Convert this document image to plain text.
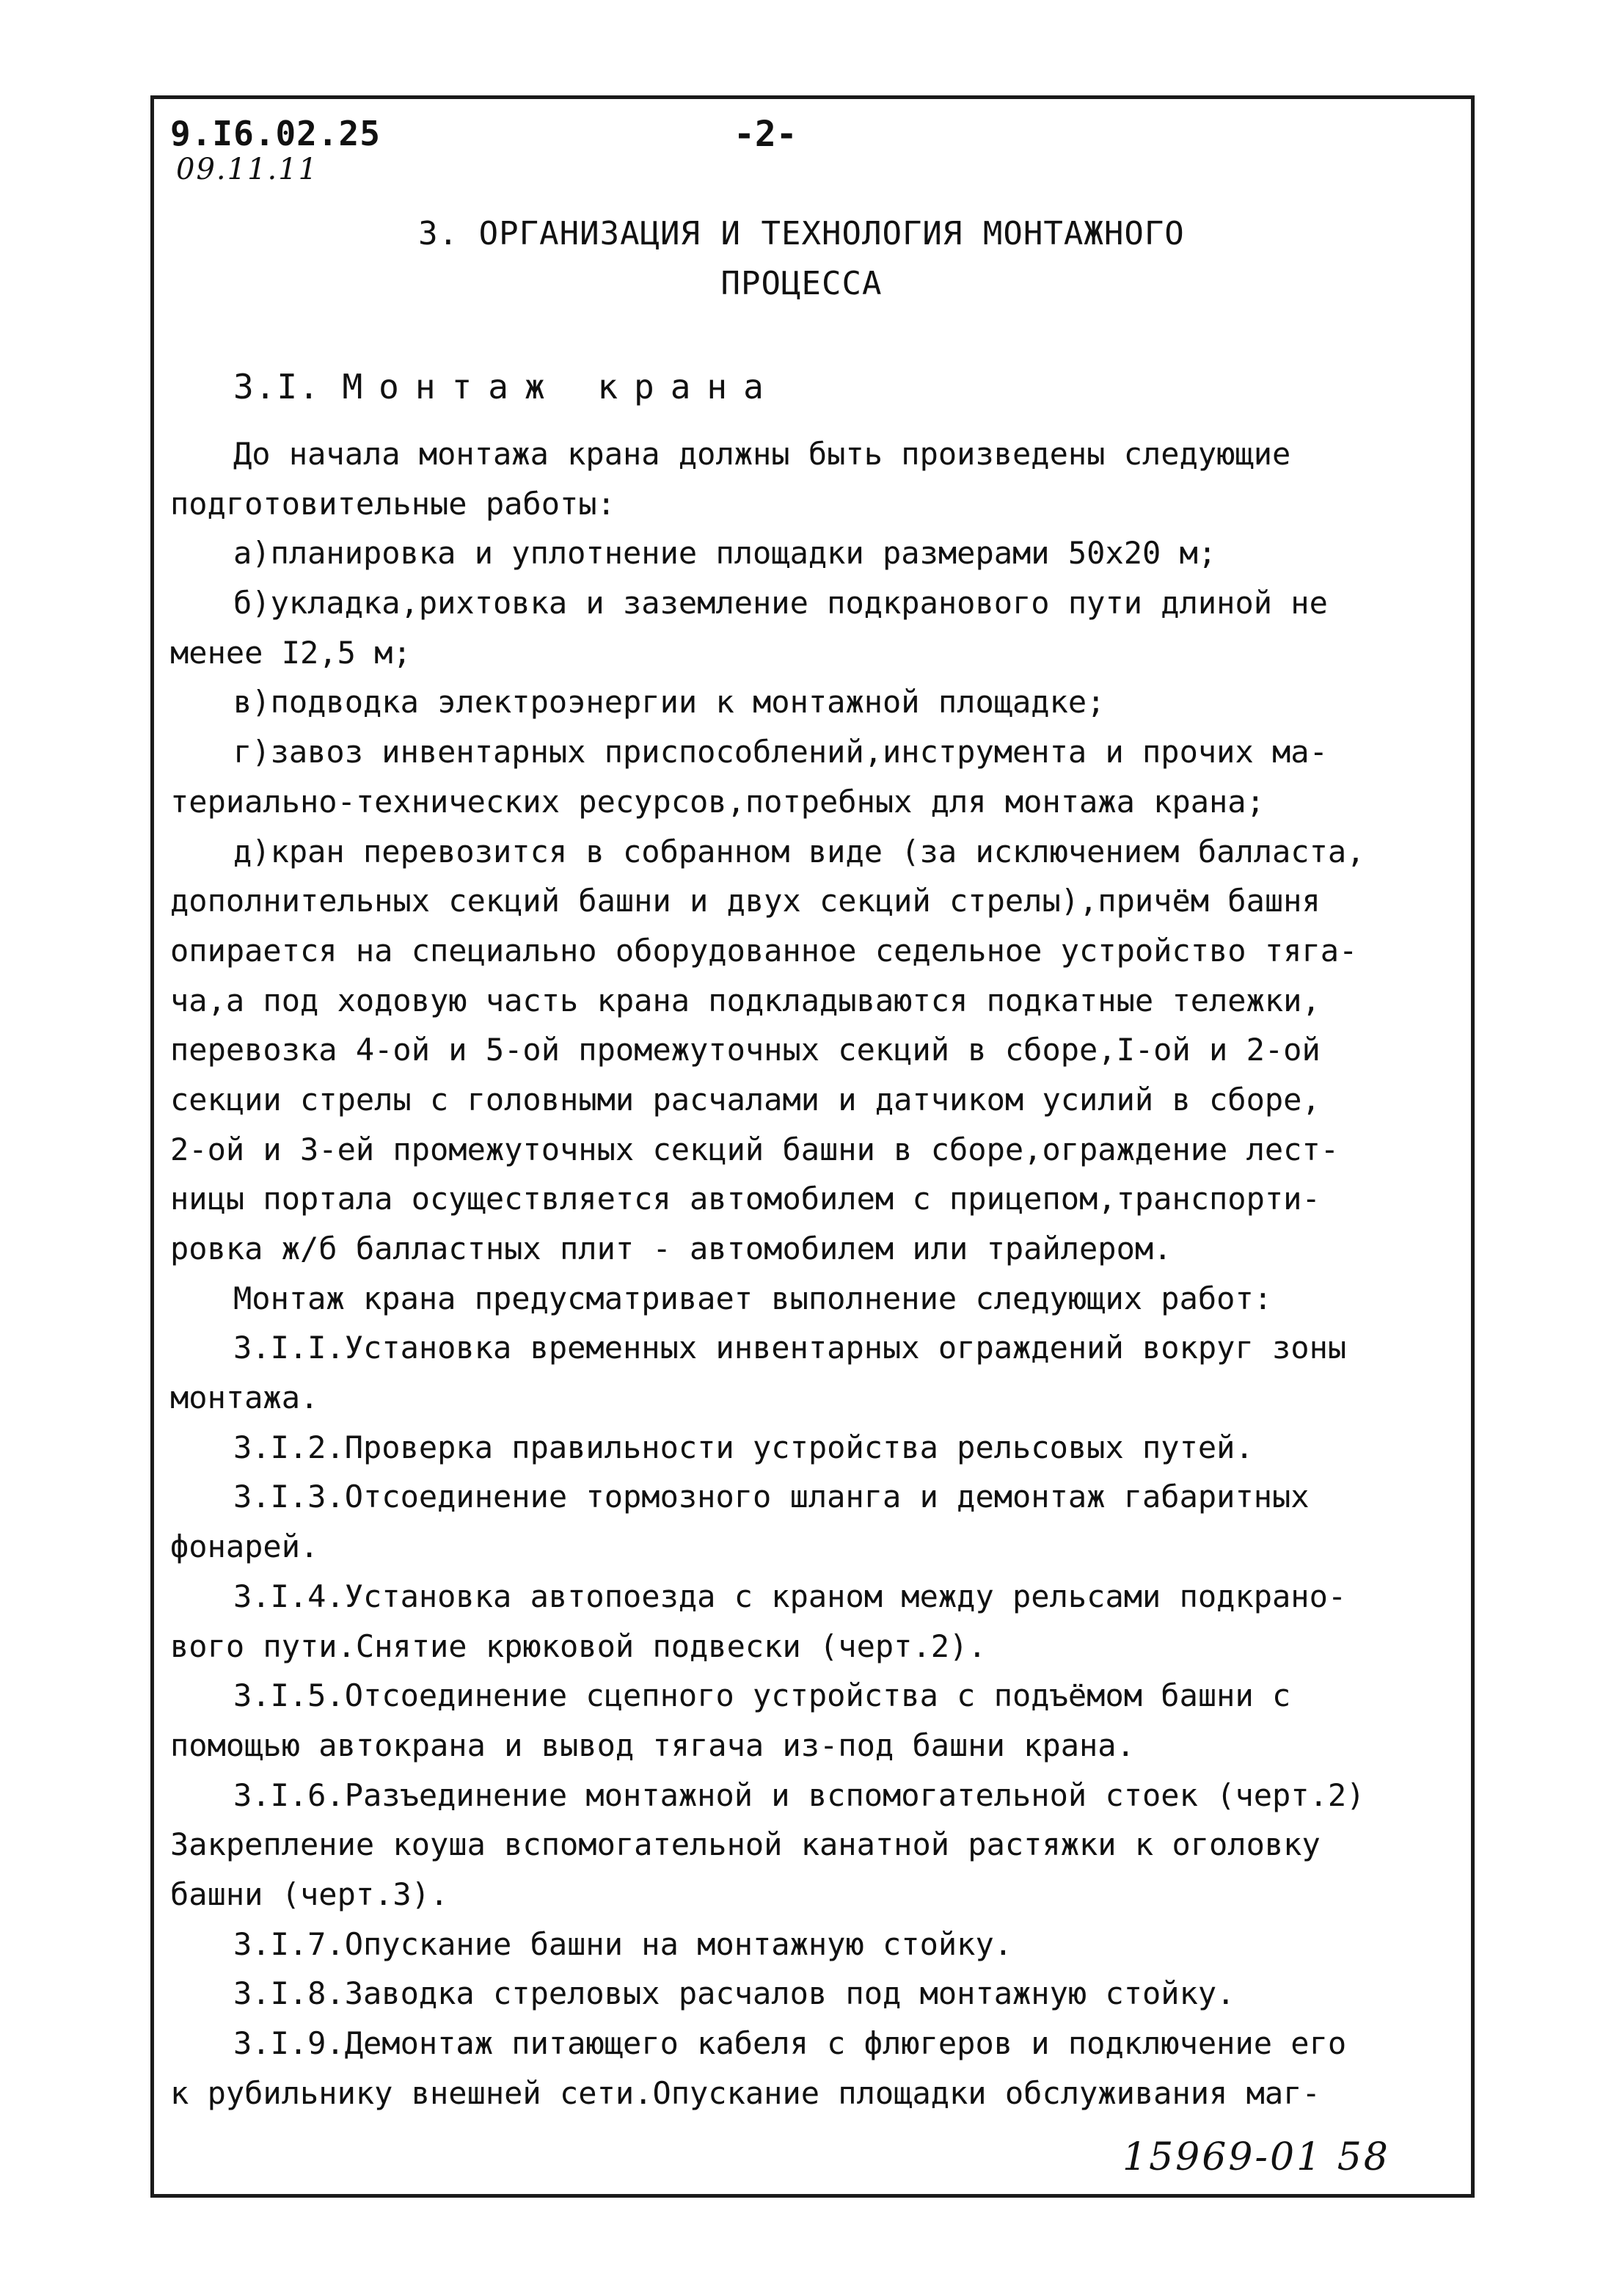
9.I6.02.25
09.11.11
-2-
3. ОРГАНИЗАЦИЯ И ТЕХНОЛОГИЯ МОНТАЖНОГО
ПРОЦЕССА
3.I. Монтаж крана
До начала монтажа крана должны быть произведены следующие
подготовительные работы:
а)планировка и уплотнение площадки размерами 50х20 м;
б)укладка,рихтовка и заземление подкранового пути длиной не
менее I2,5 м;
в)подводка электроэнергии к монтажной площадке;
г)завоз инвентарных приспособлений,инструмента и прочих ма-
териально-технических ресурсов,потребных для монтажа крана;
д)кран перевозится в собранном виде (за исключением балласта,
дополнительных секций башни и двух секций стрелы),причём башня
опирается на специально оборудованное седельное устройство тяга-
ча,а под ходовую часть крана подкладываются подкатные тележки,
перевозка 4-ой и 5-ой промежуточных секций в сборе,I-ой и 2-ой
секции стрелы с головными расчалами и датчиком усилий в сборе,
2-ой и 3-ей промежуточных секций башни в сборе,ограждение лест-
ницы портала осуществляется автомобилем с прицепом,транспорти-
ровка ж/б балластных плит - автомобилем или трайлером.
Монтаж крана предусматривает выполнение следующих работ:
3.I.I.Установка временных инвентарных ограждений вокруг зоны
монтажа.
3.I.2.Проверка правильности устройства рельсовых путей.
3.I.3.Отсоединение тормозного шланга и демонтаж габаритных
фонарей.
3.I.4.Установка автопоезда с краном между рельсами подкрано-
вого пути.Снятие крюковой подвески (черт.2).
3.I.5.Отсоединение сцепного устройства с подъёмом башни с
помощью автокрана и вывод тягача из-под башни крана.
3.I.6.Разъединение монтажной и вспомогательной стоек (черт.2)
Закрепление коуша вспомогательной канатной растяжки к оголовку
башни (черт.3).
3.I.7.Опускание башни на монтажную стойку.
3.I.8.Заводка стреловых расчалов под монтажную стойку.
3.I.9.Демонтаж питающего кабеля с флюгеров и подключение его
к рубильнику внешней сети.Опускание площадки обслуживания маг-
15969-01 58
